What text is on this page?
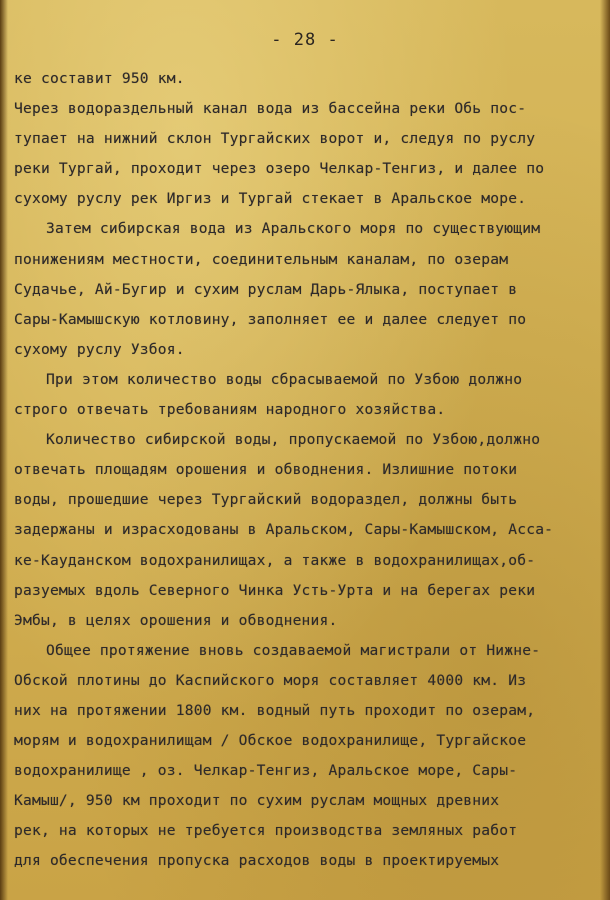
- 28 -
ке составит 950 км.
Через водораздельный канал вода из бассейна реки Обь пос-
тупает на нижний склон Тургайских ворот и, следуя по руслу
реки Тургай, проходит через озеро Челкар-Тенгиз, и далее по
сухому руслу рек Иргиз и Тургай стекает в Аральское море.
Затем сибирская вода из Аральского моря по существующим
понижениям местности, соединительным каналам, по озерам
Судачье, Ай-Бугир и сухим руслам Дарь-Ялыка, поступает в
Сары-Камышскую котловину, заполняет ее и далее следует по
сухому руслу Узбоя.
При этом количество воды сбрасываемой по Узбою должно
строго отвечать требованиям народного хозяйства.
Количество сибирской воды, пропускаемой по Узбою,должно
отвечать площадям орошения и обводнения. Излишние потоки
воды, прошедшие через Тургайский водораздел, должны быть
задержаны и израсходованы в Аральском, Сары-Камышском, Асса-
ке-Кауданском водохранилищах, а также в водохранилищах,об-
разуемых вдоль Северного Чинка Усть-Урта и на берегах реки
Эмбы, в целях орошения и обводнения.
Общее протяжение вновь создаваемой магистрали от Нижне-
Обской плотины до Каспийского моря составляет 4000 км. Из
них на протяжении 1800 км. водный путь проходит по озерам,
морям и водохранилищам / Обское водохранилище, Тургайское
водохранилище , оз. Челкар-Тенгиз, Аральское море, Сары-
Камыш/, 950 км проходит по сухим руслам мощных древних
рек, на которых не требуется производства земляных работ
для обеспечения пропуска расходов воды в проектируемых
